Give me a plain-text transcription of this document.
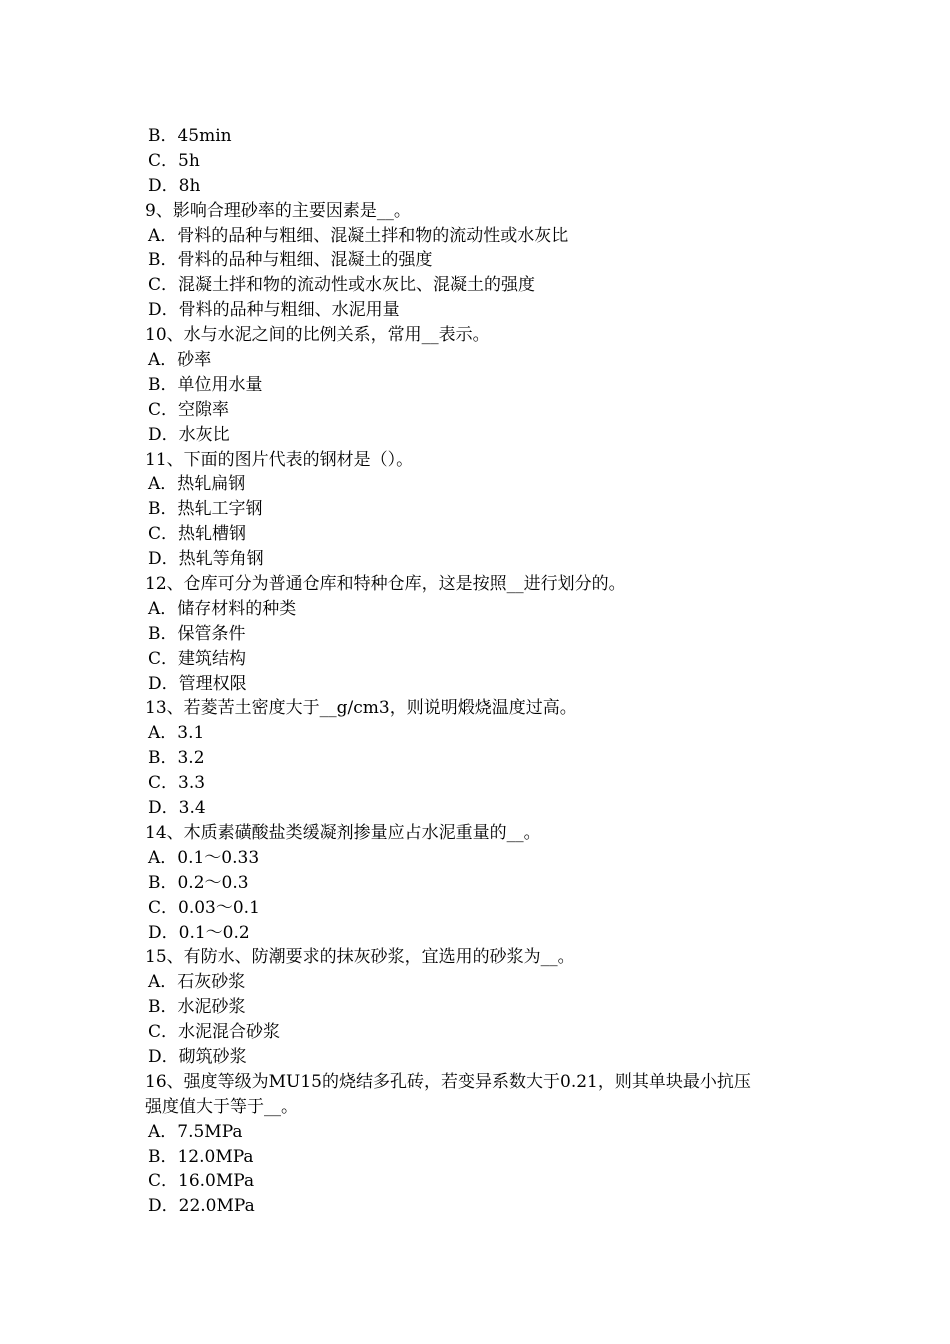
B．45min
C．5h
D．8h
9、影响合理砂率的主要因素是__。
A．骨料的品种与粗细、混凝土拌和物的流动性或水灰比
B．骨料的品种与粗细、混凝土的强度
C．混凝土拌和物的流动性或水灰比、混凝土的强度
D．骨料的品种与粗细、水泥用量
10、水与水泥之间的比例关系，常用__表示。
A．砂率
B．单位用水量
C．空隙率
D．水灰比
11、下面的图片代表的钢材是（）。
A．热轧扁钢
B．热轧工字钢
C．热轧槽钢
D．热轧等角钢
12、仓库可分为普通仓库和特种仓库，这是按照__进行划分的。
A．储存材料的种类
B．保管条件
C．建筑结构
D．管理权限
13、若菱苦土密度大于__g/cm3，则说明煅烧温度过高。
A．3.1
B．3.2
C．3.3
D．3.4
14、木质素磺酸盐类缓凝剂掺量应占水泥重量的__。
A．0.1～0.33
B．0.2～0.3
C．0.03～0.1
D．0.1～0.2
15、有防水、防潮要求的抹灰砂浆，宜选用的砂浆为__。
A．石灰砂浆
B．水泥砂浆
C．水泥混合砂浆
D．砌筑砂浆
16、强度等级为MU15的烧结多孔砖，若变异系数大于0.21，则其单块最小抗压
强度值大于等于__。
A．7.5MPa
B．12.0MPa
C．16.0MPa
D．22.0MPa
